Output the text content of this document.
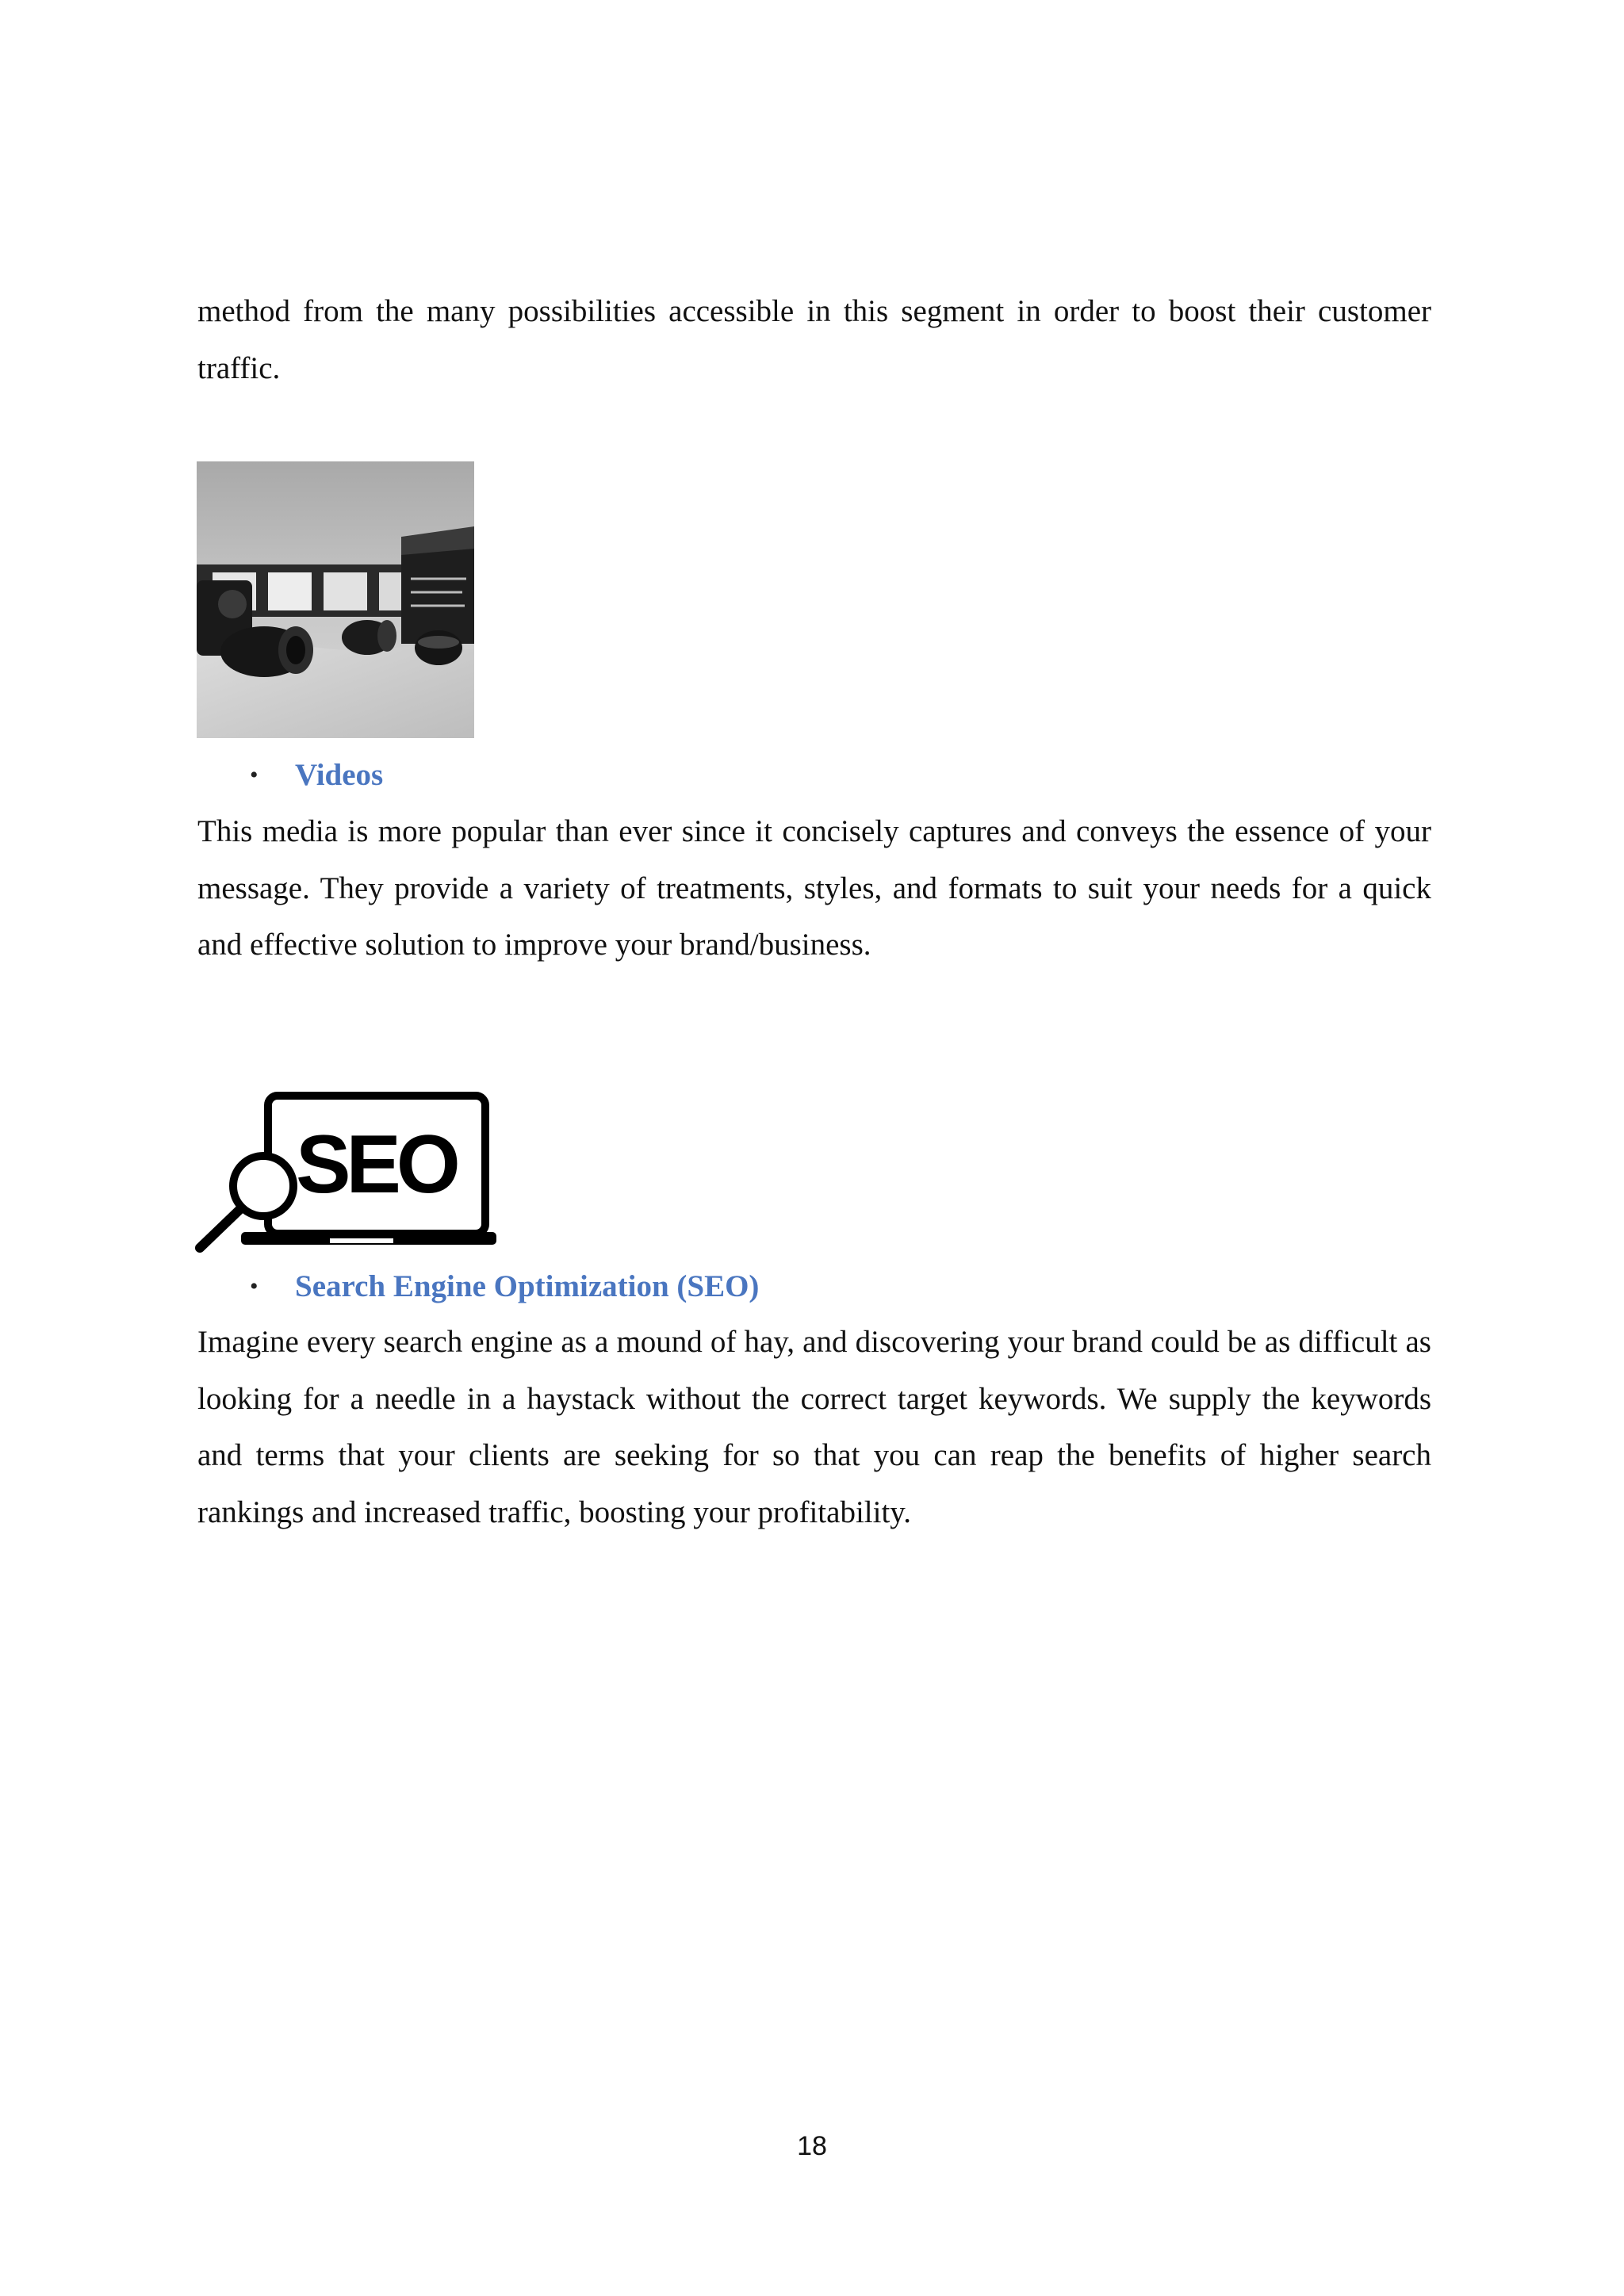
method from the many possibilities accessible in this segment in order to boost their customer traffic.

• Videos

This media is more popular than ever since it concisely captures and conveys the essence of your message. They provide a variety of treatments, styles, and formats to suit your needs for a quick and effective solution to improve your brand/business.

SEO
• Search Engine Optimization (SEO)

Imagine every search engine as a mound of hay, and discovering your brand could be as difficult as looking for a needle in a haystack without the correct target keywords. We supply the keywords and terms that your clients are seeking for so that you can reap the benefits of higher search rankings and increased traffic, boosting your profitability.

18
